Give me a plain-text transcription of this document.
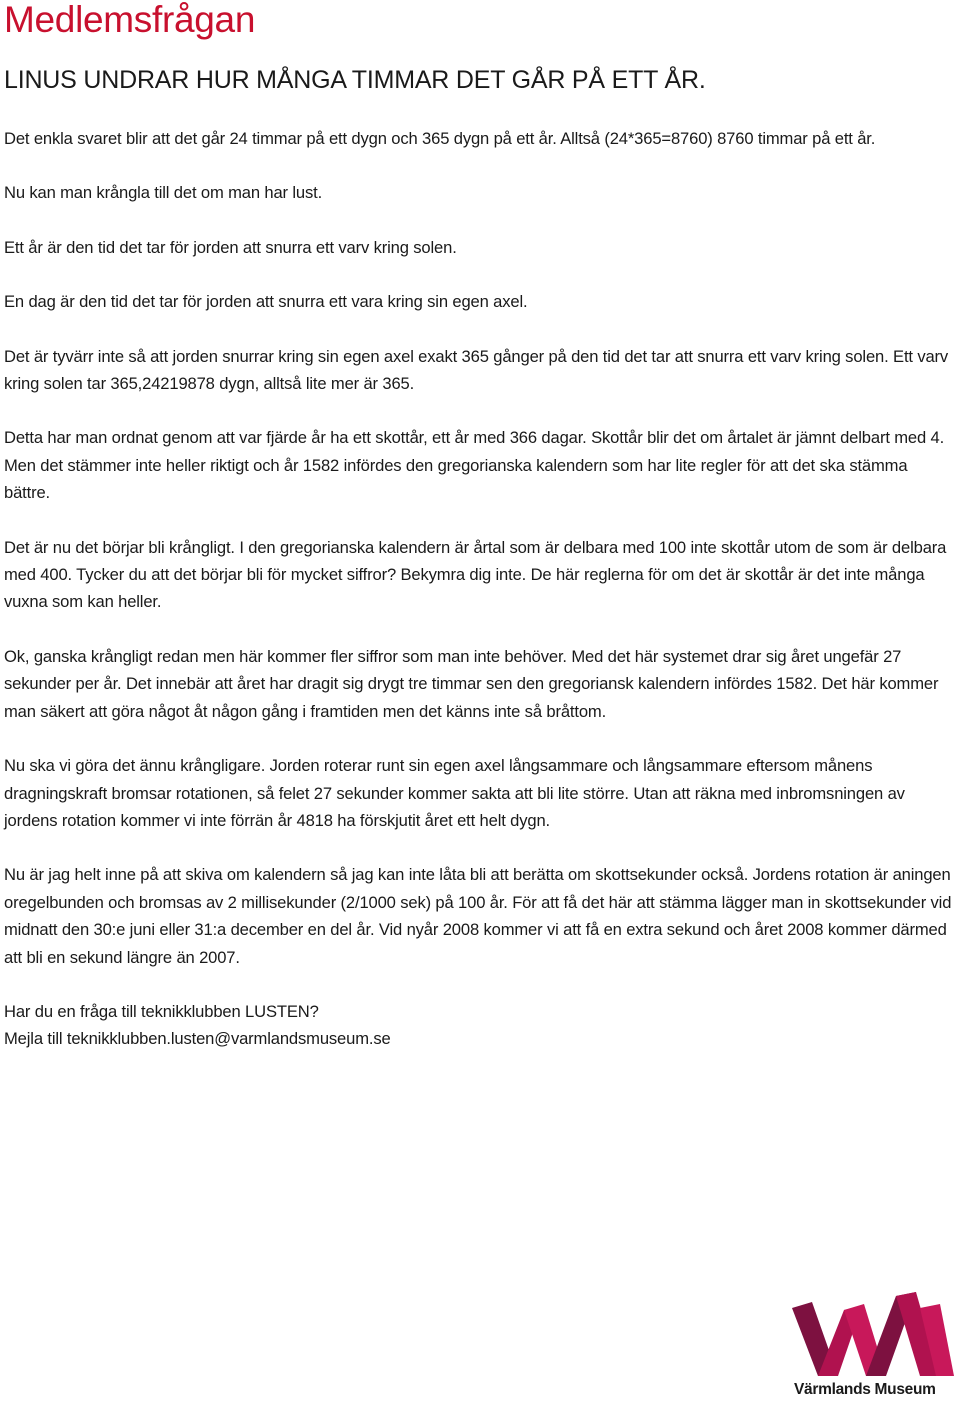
Medlemsfrågan
LINUS UNDRAR HUR MÅNGA TIMMAR DET GÅR PÅ ETT ÅR.

Det enkla svaret blir att det går 24 timmar på ett dygn och 365 dygn på ett år. Alltså (24*365=8760) 8760 timmar på ett år.

Nu kan man krångla till det om man har lust.

Ett år är den tid det tar för jorden att snurra ett varv kring solen.

En dag är den tid det tar för jorden att snurra ett vara kring sin egen axel.

Det är tyvärr inte så att jorden snurrar kring sin egen axel exakt 365 gånger på den tid det tar att snurra ett varv kring solen. Ett varv kring solen tar 365,24219878 dygn, alltså lite mer är 365.

Detta har man ordnat genom att var fjärde år ha ett skottår, ett år med 366 dagar. Skottår blir det om årtalet är jämnt delbart med 4. Men det stämmer inte heller riktigt och år 1582 infördes den gregorianska kalendern som har lite regler för att det ska stämma bättre.

Det är nu det börjar bli krångligt. I den gregorianska kalendern är årtal som är delbara med 100 inte skottår utom de som är delbara med 400. Tycker du att det börjar bli för mycket siffror? Bekymra dig inte. De här reglerna för om det är skottår är det inte många vuxna som kan heller.

Ok, ganska krångligt redan men här kommer fler siffror som man inte behöver. Med det här systemet drar sig året ungefär 27 sekunder per år. Det innebär att året har dragit sig drygt tre timmar sen den gregoriansk kalendern infördes 1582. Det här kommer man säkert att göra något åt någon gång i framtiden men det känns inte så bråttom.

Nu ska vi göra det ännu krångligare. Jorden roterar runt sin egen axel långsammare och långsammare eftersom månens dragningskraft bromsar rotationen, så felet 27 sekunder kommer sakta att bli lite större. Utan att räkna med inbromsningen av jordens rotation kommer vi inte förrän år 4818 ha förskjutit året ett helt dygn.

Nu är jag helt inne på att skiva om kalendern så jag kan inte låta bli att berätta om skottsekunder också. Jordens rotation är aningen oregelbunden och bromsas av 2 millisekunder (2/1000 sek) på 100 år. För att få det här att stämma lägger man in skottsekunder vid midnatt den 30:e juni eller 31:a december en del år. Vid nyår 2008 kommer vi att få en extra sekund och året 2008 kommer därmed att bli en sekund längre än 2007.

Har du en fråga till teknikklubben LUSTEN?
Mejla till teknikklubben.lusten@varmlandsmuseum.se

Värmlands Museum
